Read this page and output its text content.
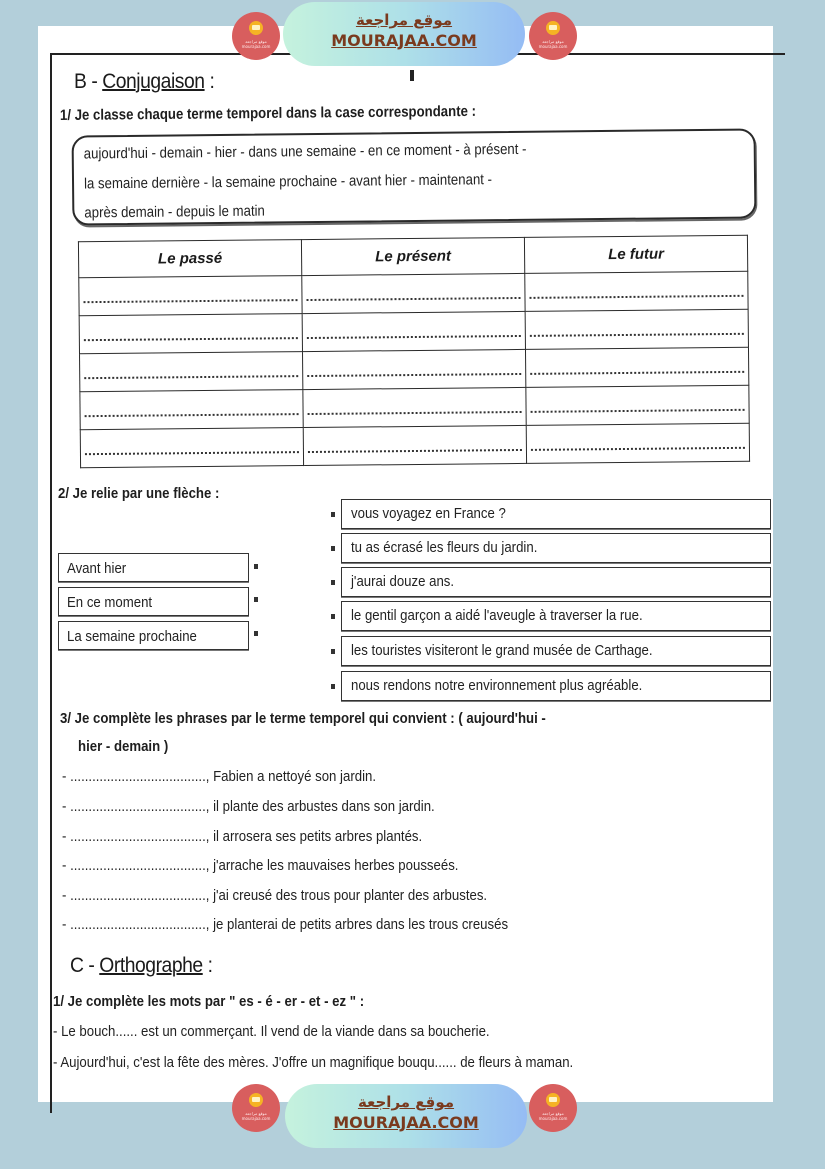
B - Conjugaison :
1/ Je classe chaque terme temporel dans la case correspondante :
aujourd'hui - demain - hier - dans une semaine - en ce moment - à présent -
la semaine dernière - la semaine prochaine - avant hier - maintenant -
après demain - depuis le matin
Le passé	Le présent	Le futur

2/ Je relie par une flèche :
Avant hier
En ce moment
La semaine prochaine
vous voyagez en France ?
tu as écrasé les fleurs du jardin.
j'aurai douze ans.
le gentil garçon a aidé l'aveugle à traverser la rue.
les touristes visiteront le grand musée de Carthage.
nous rendons notre environnement plus agréable.
3/ Je complète les phrases par le terme temporel qui convient : ( aujourd'hui -
hier - demain )
- ....................................., Fabien a nettoyé son jardin.
- ....................................., il plante des arbustes dans son jardin.
- ....................................., il arrosera ses petits arbres plantés.
- ....................................., j'arrache les mauvaises herbes pousseés.
- ....................................., j'ai creusé des trous pour planter des arbustes.
- ....................................., je planterai de petits arbres dans les trous creusés
C - Orthographe :
1/ Je complète les mots par " es - é - er - et - ez " :
- Le bouch...... est un commerçant. Il vend de la viande dans sa boucherie.
- Aujourd'hui, c'est la fête des mères. J'offre un magnifique bouqu...... de fleurs à maman.
موقع مراجعة
mourajaa.com
موقع مراجعة
MOURAJAA.COM	موقع مراجعة
mourajaa.com
موقع مراجعة
mourajaa.com
موقع مراجعة
MOURAJAA.COM	موقع مراجعة
mourajaa.com
